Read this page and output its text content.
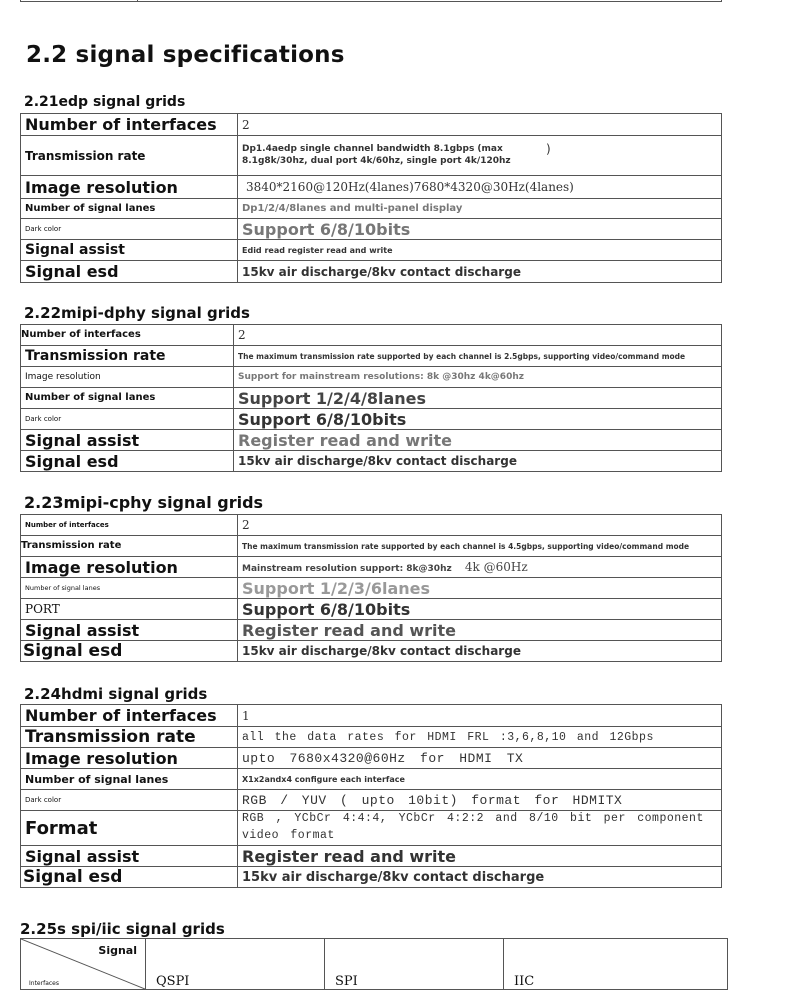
2.2 signal specifications
2.21edp signal grids
Number of interfaces	2
Transmission rate	Dp1.4aedp single channel bandwidth 8.1gbps (max 8.1g8k/30hz, dual port 4k/60hz, single port 4k/120hz
)

Image resolution	3840*2160@120Hz(4lanes)7680*4320@30Hz(4lanes)
Number of signal lanes	Dp1/2/4/8lanes and multi-panel display
Dark color	Support 6/8/10bits
Signal assist	Edid read register read and write
Signal esd	15kv air discharge/8kv contact discharge
2.22mipi-dphy signal grids
Number of interfaces	2
Transmission rate	The maximum transmission rate supported by each channel is 2.5gbps, supporting video/command mode
Image resolution	Support for mainstream resolutions: 8k @30hz 4k@60hz
Number of signal lanes	Support 1/2/4/8lanes
Dark color	Support 6/8/10bits
Signal assist	Register read and write
Signal esd	15kv air discharge/8kv contact discharge
2.23mipi-cphy signal grids
Number of interfaces	2
Transmission rate	The maximum transmission rate supported by each channel is 4.5gbps, supporting video/command mode
Image resolution	Mainstream resolution support: 8k@30hz 4k @60Hz
Number of signal lanes	Support 1/2/3/6lanes
PORT	Support 6/8/10bits
Signal assist	Register read and write
Signal esd	15kv air discharge/8kv contact discharge
2.24hdmi signal grids
Number of interfaces	1
Transmission rate	all the data rates for HDMI FRL :3,6,8,10 and 12Gbps
Image resolution	upto 7680x4320@60Hz for HDMI TX
Number of signal lanes	X1x2andx4 configure each interface
Dark color	RGB / YUV ( upto 10bit) format for HDMITX
Format	RGB , YCbCr 4:4:4, YCbCr 4:2:2 and 8/10 bit per component video format
Signal assist	Register read and write
Signal esd	15kv air discharge/8kv contact discharge
2.25s spi/iic signal grids
Signal
Interfaces	QSPI	SPI	IIC
